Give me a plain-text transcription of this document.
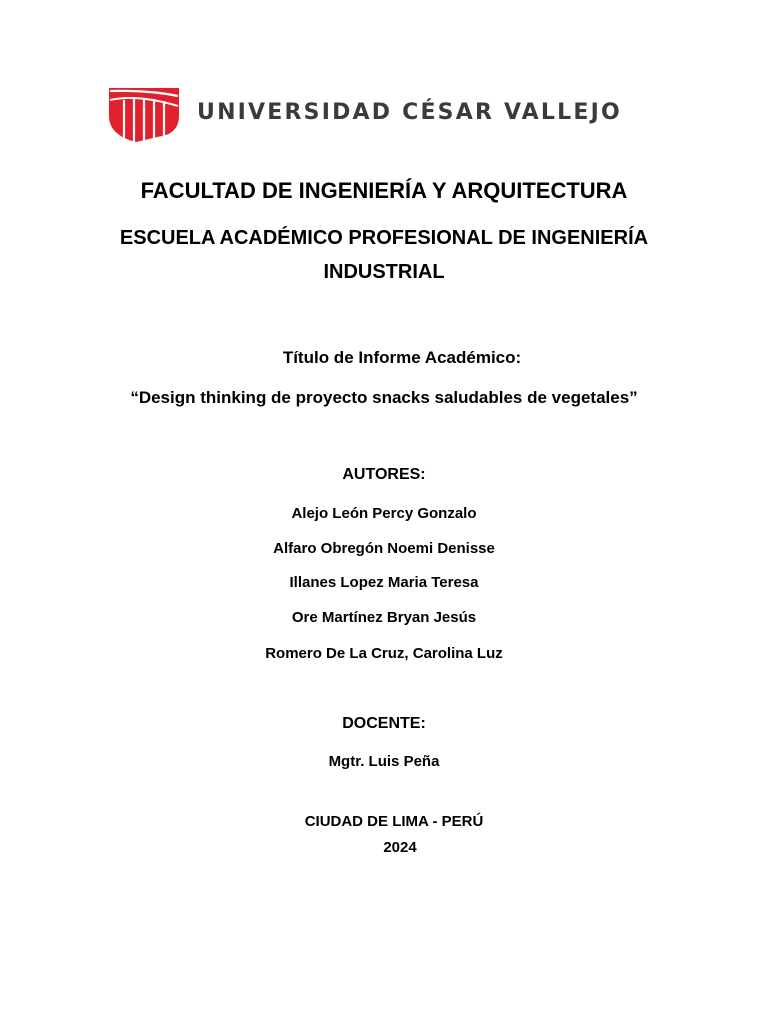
UNIVERSIDAD CÉSAR VALLEJO
FACULTAD DE INGENIERÍA Y ARQUITECTURA
ESCUELA ACADÉMICO PROFESIONAL DE INGENIERÍA
INDUSTRIAL
Título de Informe Académico:
“Design thinking de proyecto snacks saludables de vegetales”
AUTORES:
Alejo León Percy Gonzalo
Alfaro Obregón Noemi Denisse
Illanes Lopez Maria Teresa
Ore Martínez Bryan Jesús
Romero De La Cruz, Carolina Luz
DOCENTE:
Mgtr. Luis Peña
CIUDAD DE LIMA - PERÚ
2024
